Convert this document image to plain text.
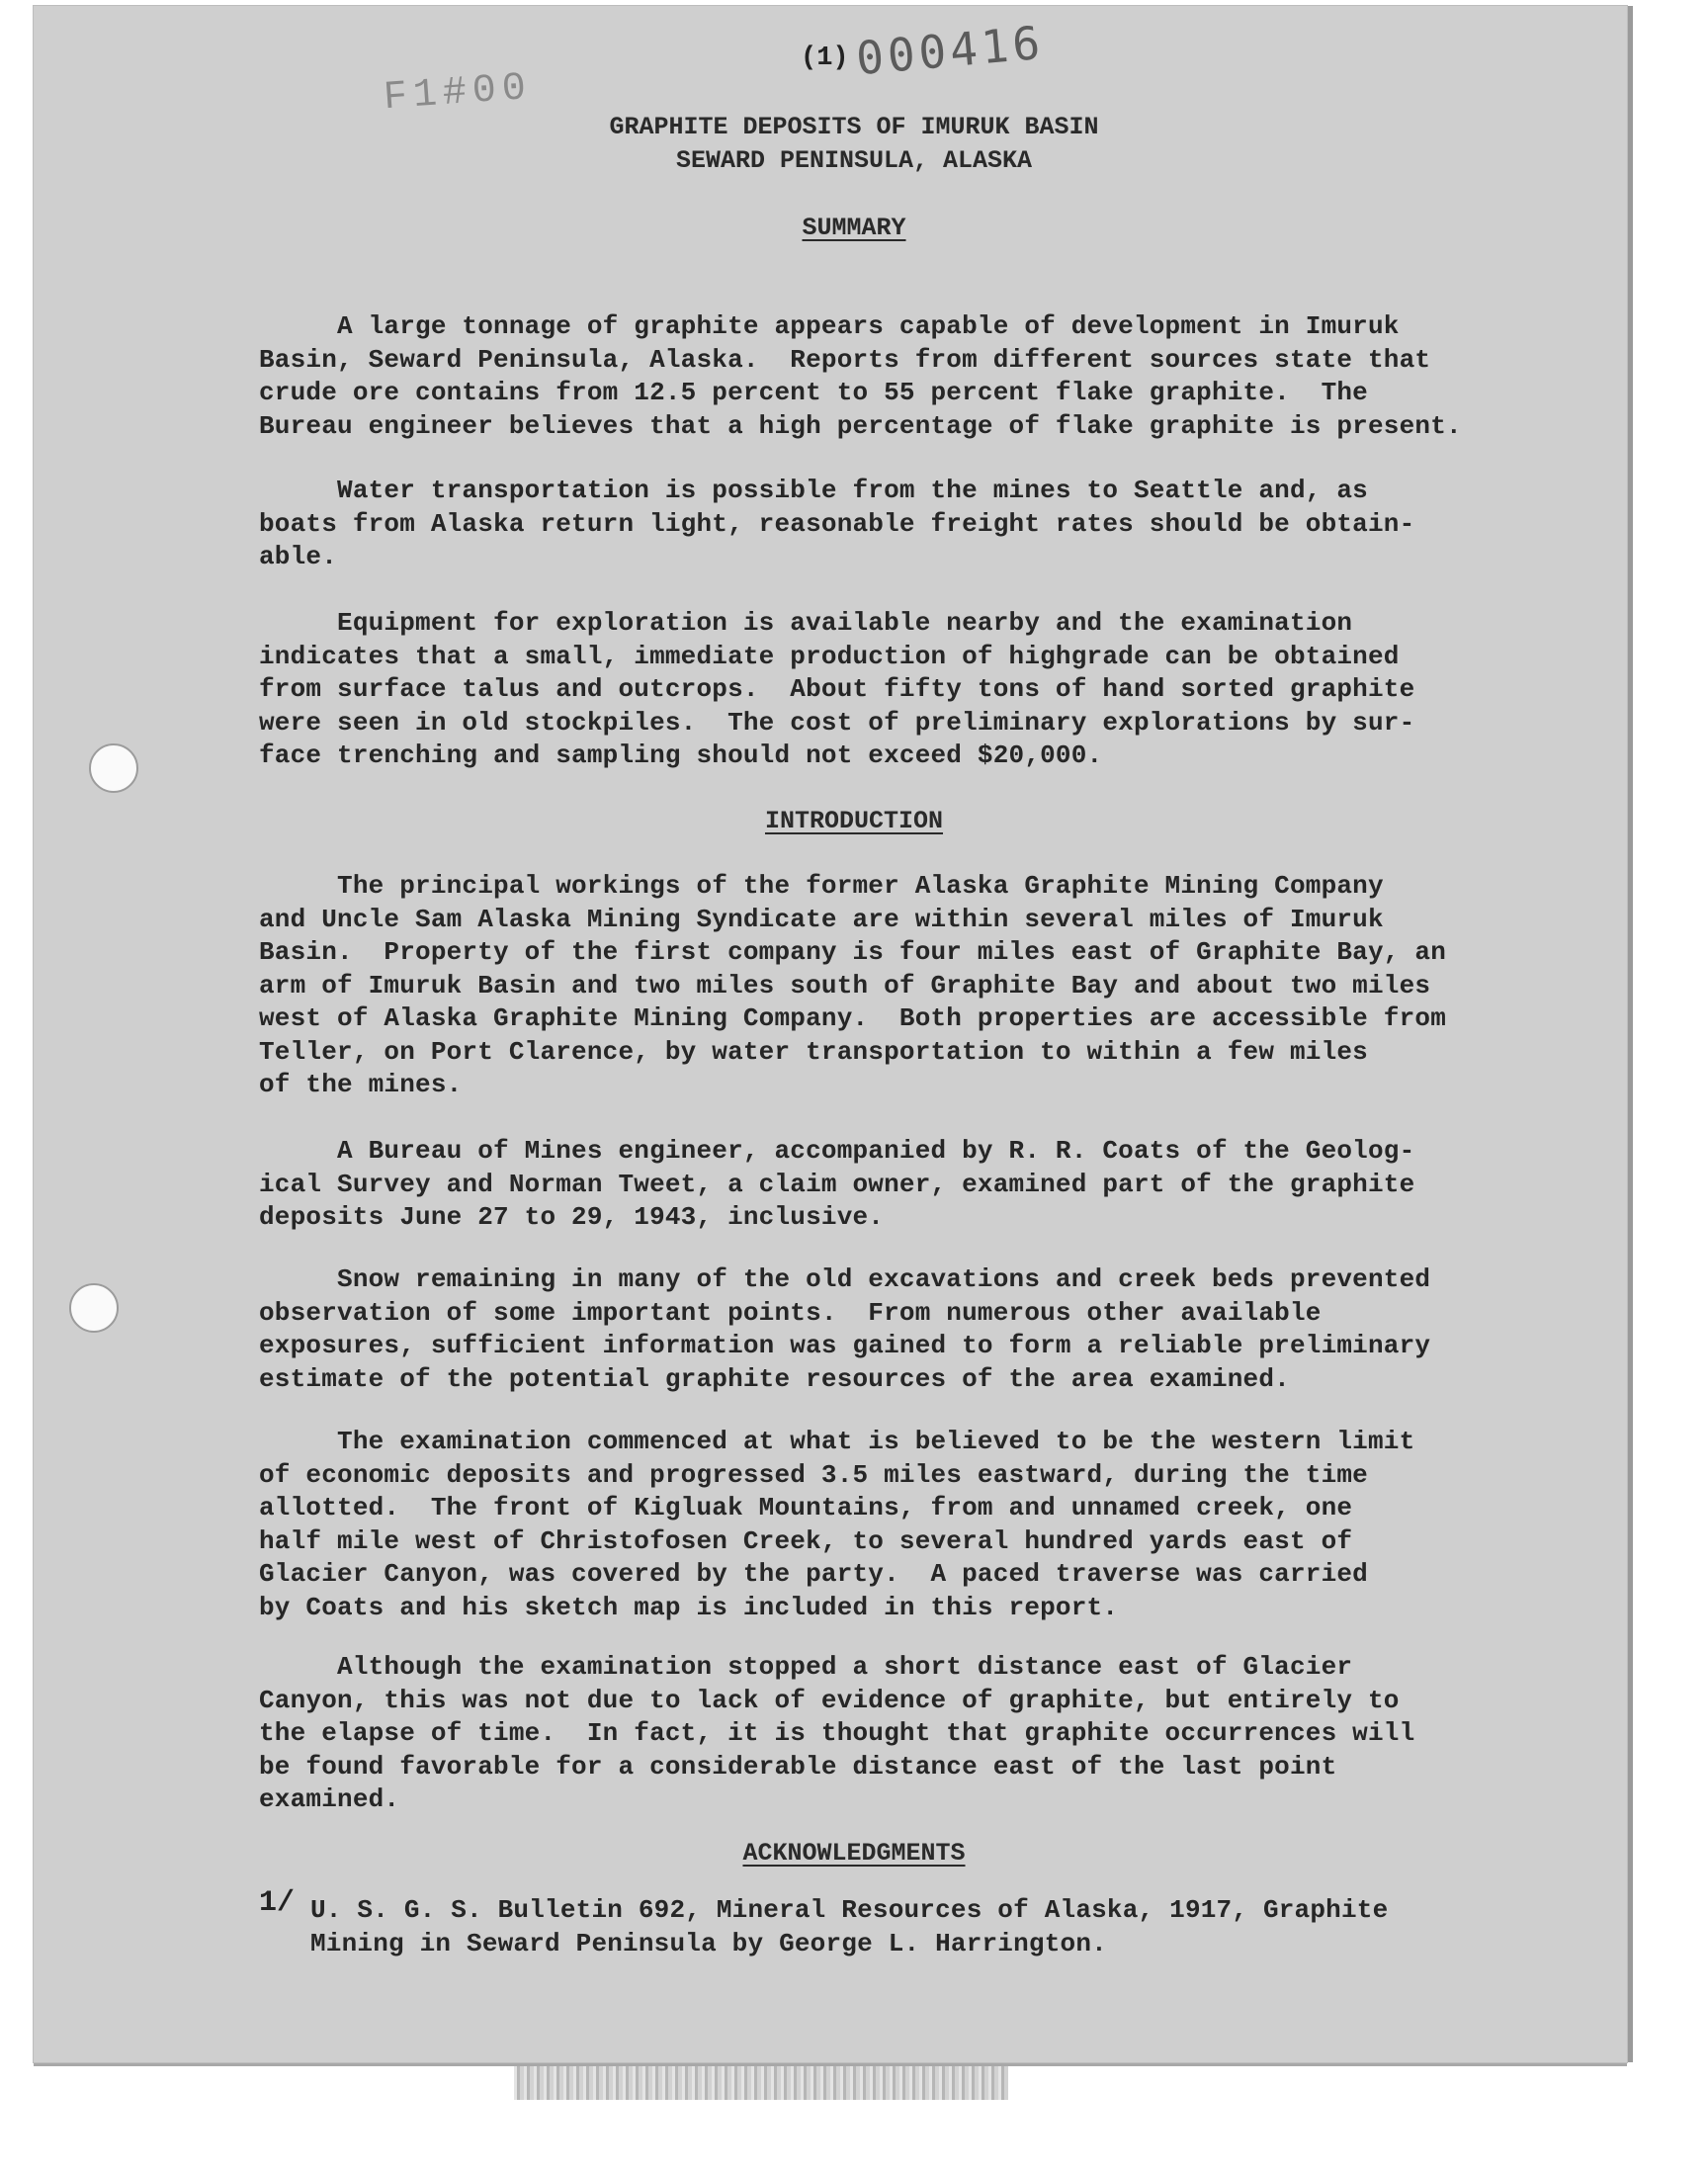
(1) 000416
F1#00
GRAPHITE DEPOSITS OF IMURUK BASIN
SEWARD PENINSULA, ALASKA
SUMMARY

A large tonnage of graphite appears capable of development in Imuruk
Basin, Seward Peninsula, Alaska.  Reports from different sources state that
crude ore contains from 12.5 percent to 55 percent flake graphite.  The
Bureau engineer believes that a high percentage of flake graphite is present.

Water transportation is possible from the mines to Seattle and, as
boats from Alaska return light, reasonable freight rates should be obtain-
able.

Equipment for exploration is available nearby and the examination
indicates that a small, immediate production of highgrade can be obtained
from surface talus and outcrops.  About fifty tons of hand sorted graphite
were seen in old stockpiles.  The cost of preliminary explorations by sur-
face trenching and sampling should not exceed $20,000.

INTRODUCTION

The principal workings of the former Alaska Graphite Mining Company
and Uncle Sam Alaska Mining Syndicate are within several miles of Imuruk
Basin.  Property of the first company is four miles east of Graphite Bay, an
arm of Imuruk Basin and two miles south of Graphite Bay and about two miles
west of Alaska Graphite Mining Company.  Both properties are accessible from
Teller, on Port Clarence, by water transportation to within a few miles
of the mines.

A Bureau of Mines engineer, accompanied by R. R. Coats of the Geolog-
ical Survey and Norman Tweet, a claim owner, examined part of the graphite
deposits June 27 to 29, 1943, inclusive.

Snow remaining in many of the old excavations and creek beds prevented
observation of some important points.  From numerous other available
exposures, sufficient information was gained to form a reliable preliminary
estimate of the potential graphite resources of the area examined.

The examination commenced at what is believed to be the western limit
of economic deposits and progressed 3.5 miles eastward, during the time
allotted.  The front of Kigluak Mountains, from and unnamed creek, one
half mile west of Christofosen Creek, to several hundred yards east of
Glacier Canyon, was covered by the party.  A paced traverse was carried
by Coats and his sketch map is included in this report.

Although the examination stopped a short distance east of Glacier
Canyon, this was not due to lack of evidence of graphite, but entirely to
the elapse of time.  In fact, it is thought that graphite occurrences will
be found favorable for a considerable distance east of the last point
examined.

ACKNOWLEDGMENTS
1/ U. S. G. S. Bulletin 692, Mineral Resources of Alaska, 1917, Graphite
Mining in Seward Peninsula by George L. Harrington.
